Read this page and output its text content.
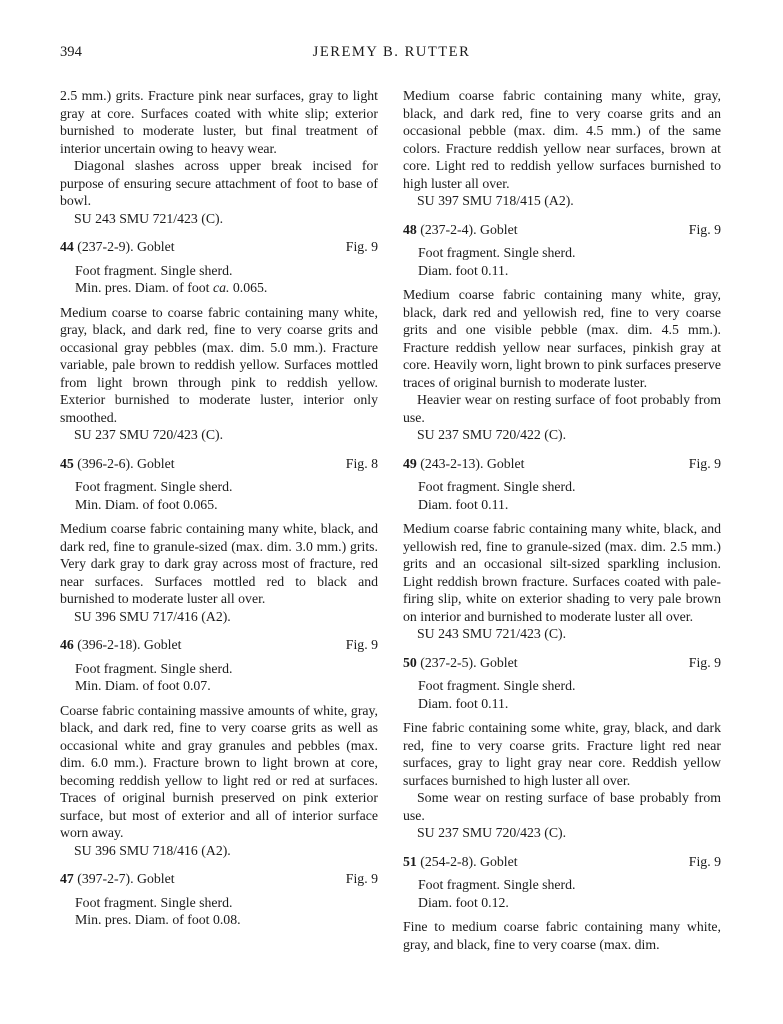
394	JEREMY B. RUTTER

2.5 mm.) grits. Fracture pink near surfaces, gray to light gray at core. Surfaces coated with white slip; exterior burnished to moderate luster, but final treatment of interior uncertain owing to heavy wear.

Diagonal slashes across upper break incised for purpose of ensuring secure attachment of foot to base of bowl.

SU 243 SMU 721/423 (C).

44 (237-2-9). Goblet	Fig. 9

Foot fragment. Single sherd.

Min. pres. Diam. of foot ca. 0.065.

Medium coarse to coarse fabric containing many white, gray, black, and dark red, fine to very coarse grits and occasional gray pebbles (max. dim. 5.0 mm.). Fracture variable, pale brown to reddish yellow. Surfaces mottled from light brown through pink to reddish yellow. Exterior burnished to moderate luster, interior only smoothed.

SU 237 SMU 720/423 (C).

45 (396-2-6). Goblet	Fig. 8

Foot fragment. Single sherd.

Min. Diam. of foot 0.065.

Medium coarse fabric containing many white, black, and dark red, fine to granule-sized (max. dim. 3.0 mm.) grits. Very dark gray to dark gray across most of fracture, red near surfaces. Surfaces mottled red to black and burnished to moderate luster all over.

SU 396 SMU 717/416 (A2).

46 (396-2-18). Goblet	Fig. 9

Foot fragment. Single sherd.

Min. Diam. of foot 0.07.

Coarse fabric containing massive amounts of white, gray, black, and dark red, fine to very coarse grits as well as occasional white and gray granules and pebbles (max. dim. 6.0 mm.). Fracture brown to light brown at core, becoming reddish yellow to light red or red at surfaces. Traces of original burnish preserved on pink exterior surface, but most of exterior and all of interior surface worn away.

SU 396 SMU 718/416 (A2).

47 (397-2-7). Goblet	Fig. 9

Foot fragment. Single sherd.

Min. pres. Diam. of foot 0.08.

Medium coarse fabric containing many white, gray, black, and dark red, fine to very coarse grits and an occasional pebble (max. dim. 4.5 mm.) of the same colors. Fracture reddish yellow near surfaces, brown at core. Light red to reddish yellow surfaces burnished to high luster all over.

SU 397 SMU 718/415 (A2).

48 (237-2-4). Goblet	Fig. 9

Foot fragment. Single sherd.

Diam. foot 0.11.

Medium coarse fabric containing many white, gray, black, dark red and yellowish red, fine to very coarse grits and one visible pebble (max. dim. 4.5 mm.). Fracture reddish yellow near surfaces, pinkish gray at core. Heavily worn, light brown to pink surfaces preserve traces of original burnish to moderate luster.

Heavier wear on resting surface of foot probably from use.

SU 237 SMU 720/422 (C).

49 (243-2-13). Goblet	Fig. 9

Foot fragment. Single sherd.

Diam. foot 0.11.

Medium coarse fabric containing many white, black, and yellowish red, fine to granule-sized (max. dim. 2.5 mm.) grits and an occasional silt-sized sparkling inclusion. Light reddish brown fracture. Surfaces coated with pale-firing slip, white on exterior shading to very pale brown on interior and burnished to moderate luster all over.

SU 243 SMU 721/423 (C).

50 (237-2-5). Goblet	Fig. 9

Foot fragment. Single sherd.

Diam. foot 0.11.

Fine fabric containing some white, gray, black, and dark red, fine to very coarse grits. Fracture light red near surfaces, gray to light gray near core. Reddish yellow surfaces burnished to high luster all over.

Some wear on resting surface of base probably from use.

SU 237 SMU 720/423 (C).

51 (254-2-8). Goblet	Fig. 9

Foot fragment. Single sherd.

Diam. foot 0.12.

Fine to medium coarse fabric containing many white, gray, and black, fine to very coarse (max. dim.
